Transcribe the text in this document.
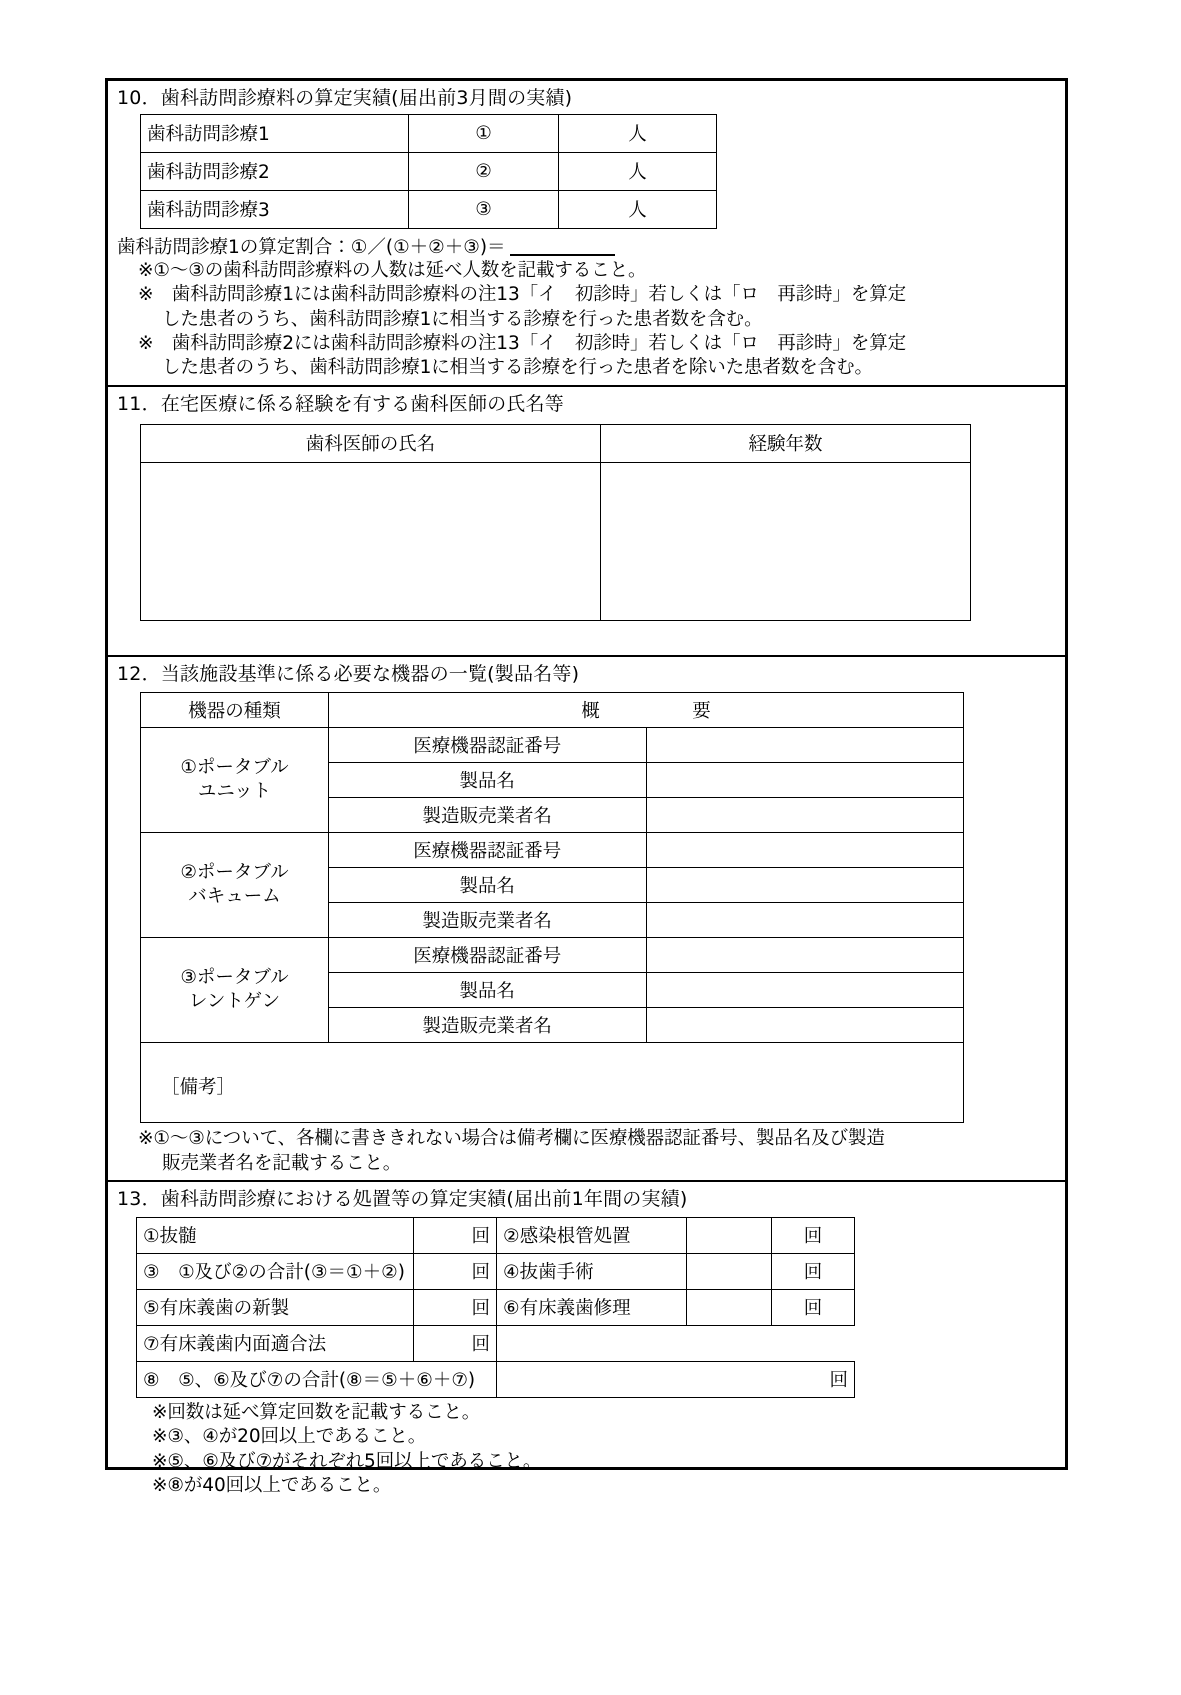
10．歯科訪問診療料の算定実績(届出前3月間の実績)
歯科訪問診療1	①	人
歯科訪問診療2	②	人
歯科訪問診療3	③	人
歯科訪問診療1の算定割合：①／(①＋②＋③)＝
※①～③の歯科訪問診療料の人数は延べ人数を記載すること。
※　歯科訪問診療1には歯科訪問診療料の注13「イ　初診時」若しくは「ロ　再診時」を算定
した患者のうち、歯科訪問診療1に相当する診療を行った患者数を含む。
※　歯科訪問診療2には歯科訪問診療料の注13「イ　初診時」若しくは「ロ　再診時」を算定
した患者のうち、歯科訪問診療1に相当する診療を行った患者を除いた患者数を含む。
11．在宅医療に係る経験を有する歯科医師の氏名等
歯科医師の氏名	経験年数

12．当該施設基準に係る必要な機器の一覧(製品名等)
機器の種類	概　　　　　要	

①ポータブル
ユニット	医療機器認証番号	
	製品名	
	製造販売業者名	

②ポータブル
バキューム	医療機器認証番号	
	製品名	
	製造販売業者名	

③ポータブル
レントゲン	医療機器認証番号	
	製品名	
	製造販売業者名	

［備考］		
※①～③について、各欄に書ききれない場合は備考欄に医療機器認証番号、製品名及び製造
販売業者名を記載すること。
13．歯科訪問診療における処置等の算定実績(届出前1年間の実績)
①抜髄	回	②感染根管処置		回
③　①及び②の合計(③＝①＋②)	回	④抜歯手術		回
⑤有床義歯の新製	回	⑥有床義歯修理		回
⑦有床義歯内面適合法	回			
⑧　⑤、⑥及び⑦の合計(⑧＝⑤＋⑥＋⑦)		回		
※回数は延べ算定回数を記載すること。
※③、④が20回以上であること。
※⑤、⑥及び⑦がそれぞれ5回以上であること。
※⑧が40回以上であること。
